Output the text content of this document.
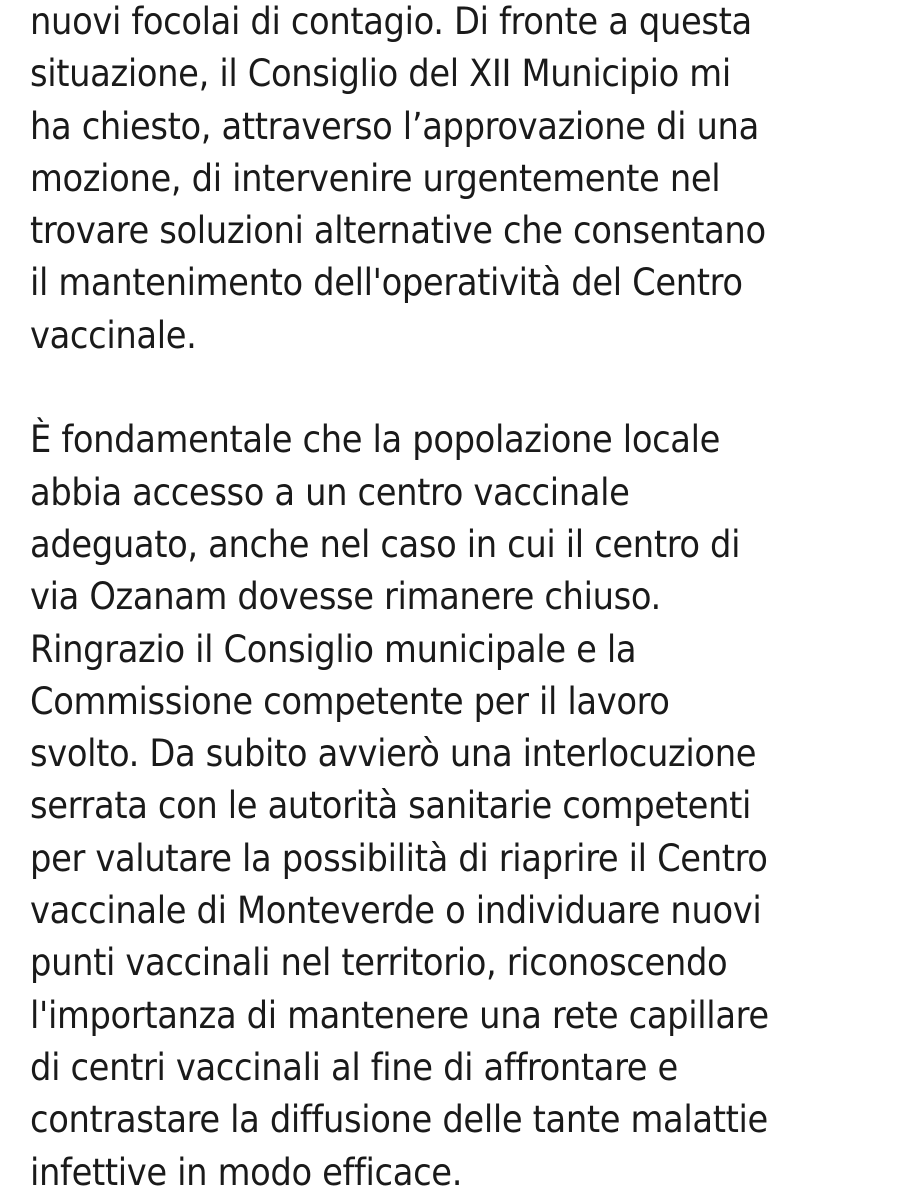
nuovi focolai di contagio. Di fronte a questa
situazione, il Consiglio del XII Municipio mi
ha chiesto, attraverso l’approvazione di una
mozione, di intervenire urgentemente nel
trovare soluzioni alternative che consentano
il mantenimento dell'operatività del Centro
vaccinale.
È fondamentale che la popolazione locale
abbia accesso a un centro vaccinale
adeguato, anche nel caso in cui il centro di
via Ozanam dovesse rimanere chiuso.
Ringrazio il Consiglio municipale e la
Commissione competente per il lavoro
svolto. Da subito avvierò una interlocuzione
serrata con le autorità sanitarie competenti
per valutare la possibilità di riaprire il Centro
vaccinale di Monteverde o individuare nuovi
punti vaccinali nel territorio, riconoscendo
l'importanza di mantenere una rete capillare
di centri vaccinali al fine di affrontare e
contrastare la diffusione delle tante malattie
infettive in modo efficace.
